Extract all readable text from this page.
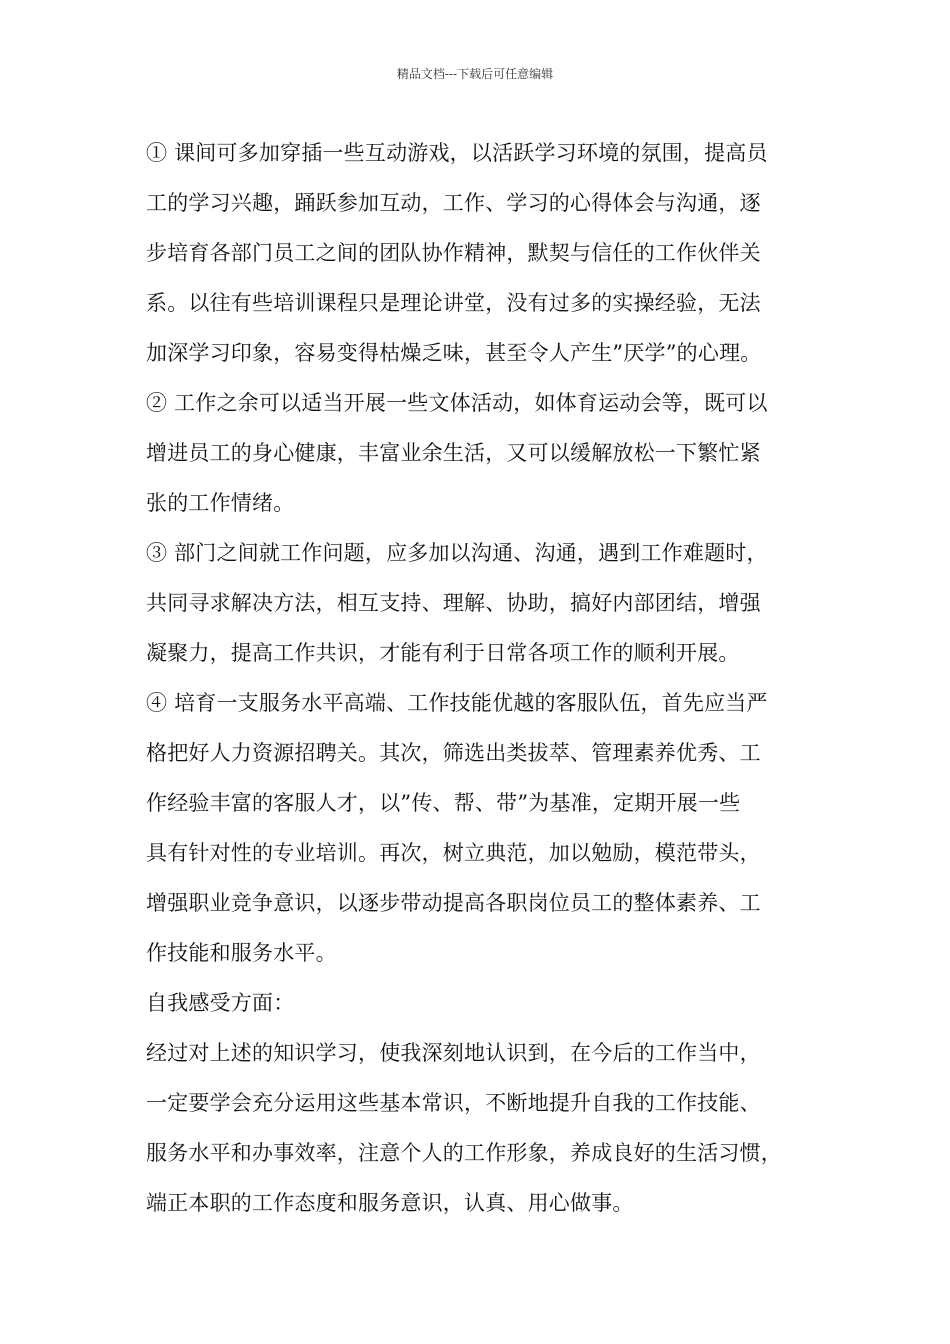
精品文档---下载后可任意编辑
① 课间可多加穿插一些互动游戏，以活跃学习环境的氛围，提高员
工的学习兴趣，踊跃参加互动，工作、学习的心得体会与沟通，逐
步培育各部门员工之间的团队协作精神，默契与信任的工作伙伴关
系。以往有些培训课程只是理论讲堂，没有过多的实操经验，无法
加深学习印象，容易变得枯燥乏味，甚至令人产生”厌学”的心理。
② 工作之余可以适当开展一些文体活动，如体育运动会等，既可以
增进员工的身心健康，丰富业余生活，又可以缓解放松一下繁忙紧
张的工作情绪。
③ 部门之间就工作问题，应多加以沟通、沟通，遇到工作难题时，
共同寻求解决方法，相互支持、理解、协助，搞好内部团结，增强
凝聚力，提高工作共识，才能有利于日常各项工作的顺利开展。
④ 培育一支服务水平高端、工作技能优越的客服队伍，首先应当严
格把好人力资源招聘关。其次，筛选出类拔萃、管理素养优秀、工
作经验丰富的客服人才，以”传、帮、带”为基准，定期开展一些
具有针对性的专业培训。再次，树立典范，加以勉励，模范带头，
增强职业竞争意识，以逐步带动提高各职岗位员工的整体素养、工
作技能和服务水平。
自我感受方面：
经过对上述的知识学习，使我深刻地认识到，在今后的工作当中，
一定要学会充分运用这些基本常识，不断地提升自我的工作技能、
服务水平和办事效率，注意个人的工作形象，养成良好的生活习惯，
端正本职的工作态度和服务意识，认真、用心做事。
